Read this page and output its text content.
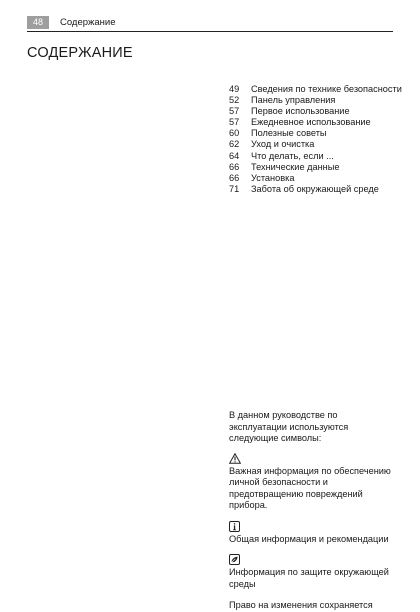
48	Содержание
СОДЕРЖАНИЕ
49 Сведения по технике безопасности
52 Панель управления
57 Первое использование
57 Ежедневное использование
60 Полезные советы
62 Уход и очистка
64 Что делать, если ...
66 Технические данные
66 Установка
71 Забота об окружающей среде

В данном руководстве по эксплуатации используются следующие символы:

Важная информация по обеспечению личной безопасности и предотвращению повреждений прибора.

Общая информация и рекомендации

Информация по защите окружающей среды

Право на изменения сохраняется
